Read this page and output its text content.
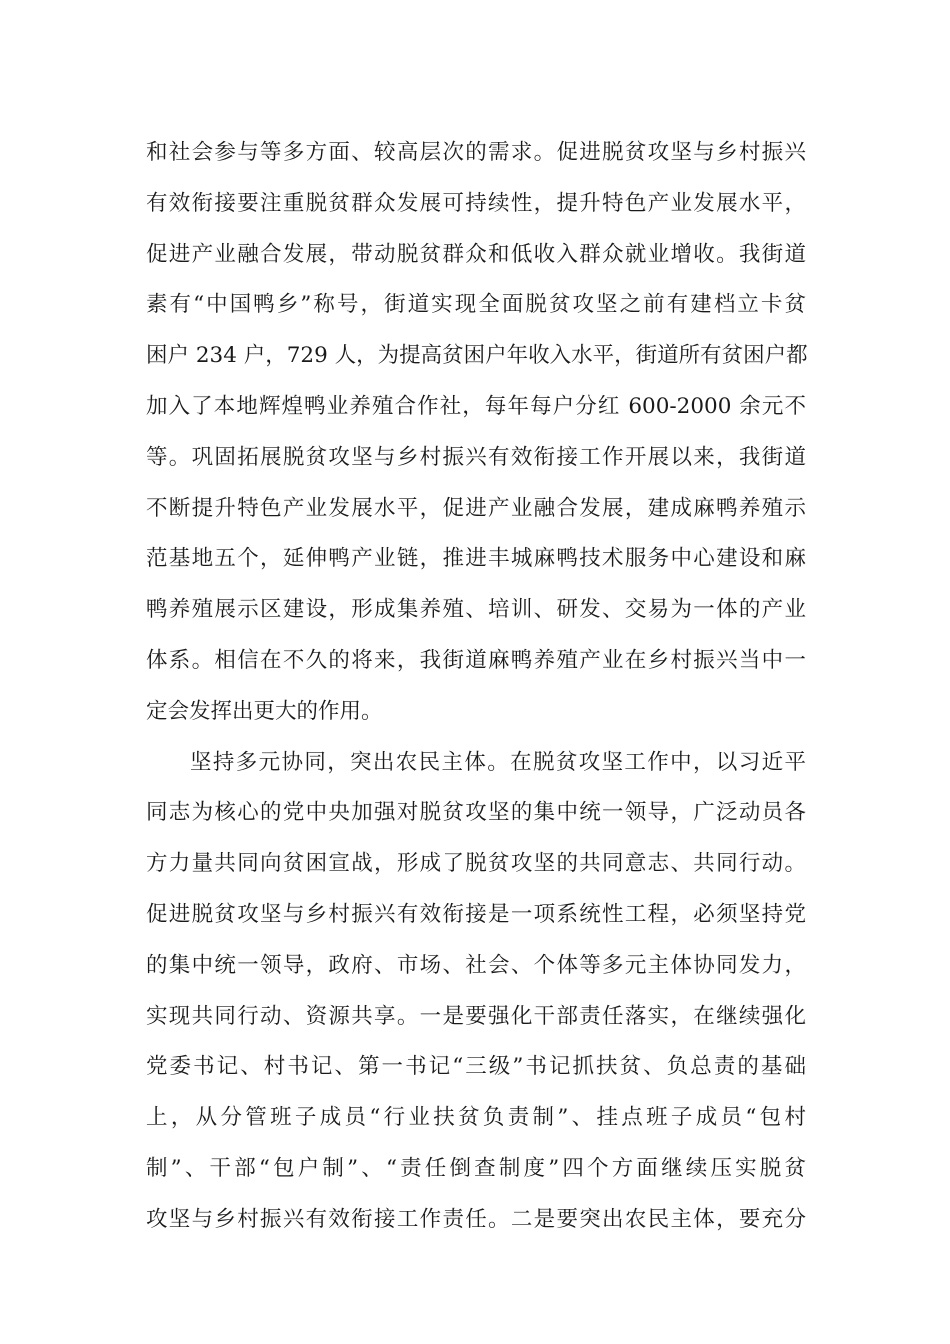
和社会参与等多方面、较高层次的需求。促进脱贫攻坚与乡村振兴
有效衔接要注重脱贫群众发展可持续性，提升特色产业发展水平，
促进产业融合发展，带动脱贫群众和低收入群众就业增收。我街道
素有“中国鸭乡”称号，街道实现全面脱贫攻坚之前有建档立卡贫
困户 234 户，729 人，为提高贫困户年收入水平，街道所有贫困户都
加入了本地辉煌鸭业养殖合作社，每年每户分红 600-2000 余元不
等。巩固拓展脱贫攻坚与乡村振兴有效衔接工作开展以来，我街道
不断提升特色产业发展水平，促进产业融合发展，建成麻鸭养殖示
范基地五个，延伸鸭产业链，推进丰城麻鸭技术服务中心建设和麻
鸭养殖展示区建设，形成集养殖、培训、研发、交易为一体的产业
体系。相信在不久的将来，我街道麻鸭养殖产业在乡村振兴当中一
定会发挥出更大的作用。
坚持多元协同，突出农民主体。在脱贫攻坚工作中，以习近平
同志为核心的党中央加强对脱贫攻坚的集中统一领导，广泛动员各
方力量共同向贫困宣战，形成了脱贫攻坚的共同意志、共同行动。
促进脱贫攻坚与乡村振兴有效衔接是一项系统性工程，必须坚持党
的集中统一领导，政府、市场、社会、个体等多元主体协同发力，
实现共同行动、资源共享。一是要强化干部责任落实，在继续强化
党委书记、村书记、第一书记“三级”书记抓扶贫、负总责的基础
上，从分管班子成员“行业扶贫负责制”、挂点班子成员“包村
制”、干部“包户制”、“责任倒查制度”四个方面继续压实脱贫
攻坚与乡村振兴有效衔接工作责任。二是要突出农民主体，要充分
